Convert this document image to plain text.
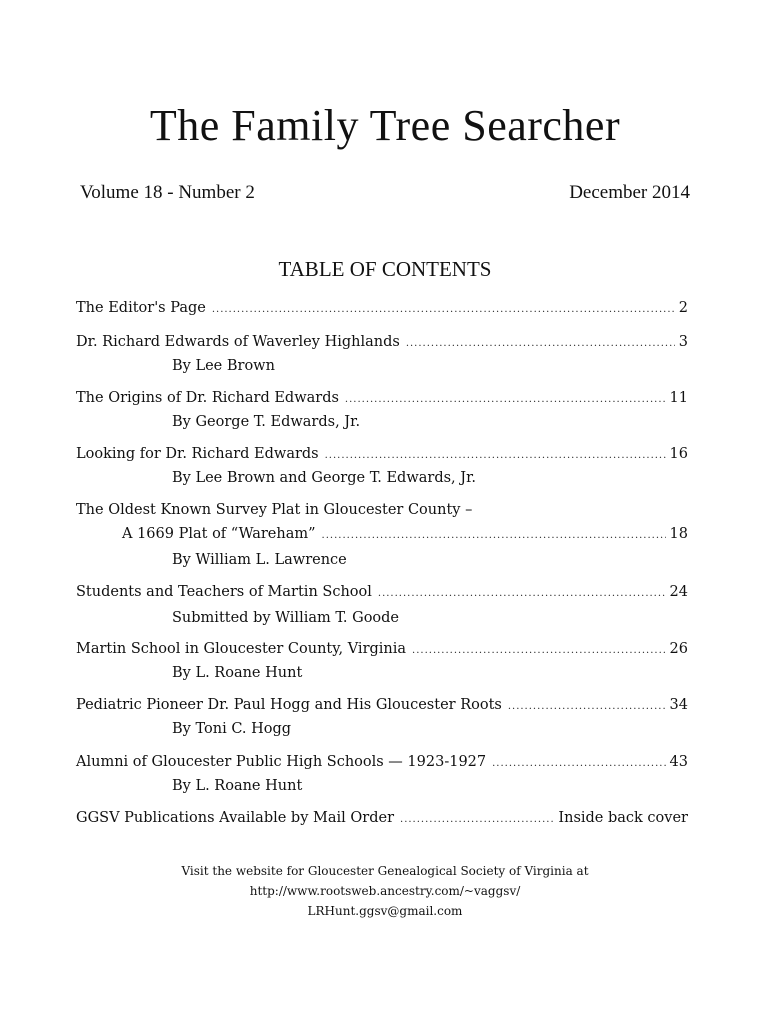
The Family Tree Searcher
Volume 18 - Number 2	December 2014
TABLE OF CONTENTS
The Editor's Page .....	2
Dr. Richard Edwards of Waverley Highlands .....	3
By Lee Brown
The Origins of Dr. Richard Edwards .....	11
By George T. Edwards, Jr.
Looking for Dr. Richard Edwards .....	16
By Lee Brown and George T. Edwards, Jr.
The Oldest Known Survey Plat in Gloucester County –
A 1669 Plat of “Wareham” .....	18
By William L. Lawrence
Students and Teachers of Martin School .....	24
Submitted by William T. Goode
Martin School in Gloucester County, Virginia .....	26
By L. Roane Hunt
Pediatric Pioneer Dr. Paul Hogg and His Gloucester Roots .....	34
By Toni C. Hogg
Alumni of Gloucester Public High Schools — 1923-1927 .....	43
By L. Roane Hunt
GGSV Publications Available by Mail Order .....	Inside back cover
Visit the website for Gloucester Genealogical Society of Virginia at
http://www.rootsweb.ancestry.com/~vaggsv/
LRHunt.ggsv@gmail.com
